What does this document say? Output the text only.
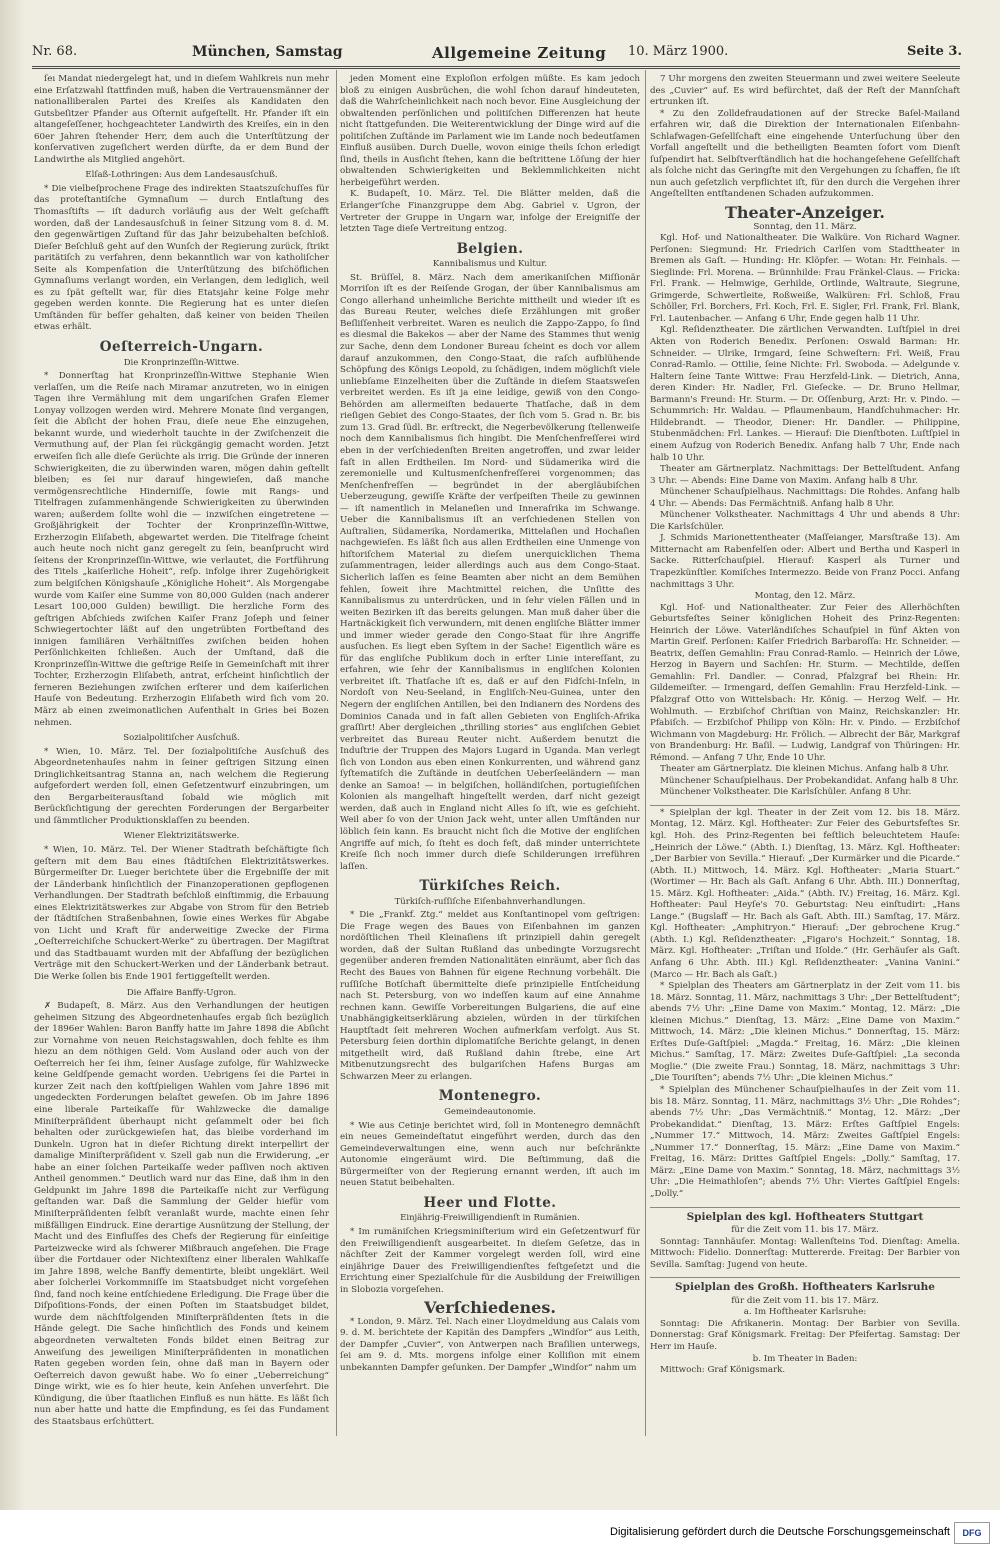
Nr. 68.	München, Samstag	Allgemeine Zeitung 10. März 1900.	Seite 3.

ſeı Mandat niedergelegt hat, und in dieſem Wahlkreis nun mehr eine Erſatzwahl ſtattfinden muß, haben die Vertrauensmänner der nationalliberalen Partei des Kreiſes als Kandidaten den Gutsbeſitzer Pfander aus Oſternit aufgeſtellt. Hr. Pfander iſt ein altangeſeſſener, hochgeachteter Landwirth des Kreiſes, ein in den 60er Jahren ſtehender Herr, dem auch die Unterſtützung der konſervativen zugeſichert werden dürfte, da er dem Bund der Landwirthe als Mitglied angehört.

Elſaß-Lothringen: Aus dem Landesausſchuß.

* Die vielbeſprochene Frage des indirekten Staatszuſchuſſes für das proteſtantiſche Gymnaſium — durch Entlaſtung des Thomasſtifts — iſt dadurch vorläufig aus der Welt geſchafft worden, daß der Landesausſchuß in ſeiner Sitzung vom 8. d. M. den gegenwärtigen Zuſtand für das Jahr beizubehalten beſchloß. Dieſer Beſchluß geht auf den Wunſch der Regierung zurück, ſtrikt paritätiſch zu verfahren, denn bekanntlich war von katholiſcher Seite als Kompenſation die Unterſtützung des biſchöflichen Gymnaſiums verlangt worden, ein Verlangen, dem lediglich, weil es zu ſpät geſtellt war, für dies Etatsjahr keine Folge mehr gegeben werden konnte. Die Regierung hat es unter dieſen Umſtänden für beſſer gehalten, daß keiner von beiden Theilen etwas erhält.

Oeſterreich-Ungarn.

Die Kronprinzeſſin-Wittwe.

* Donnerſtag hat Kronprinzeſſin-Wittwe Stephanie Wien verlaſſen, um die Reiſe nach Miramar anzutreten, wo in einigen Tagen ihre Vermählung mit dem ungariſchen Grafen Elemer Lonyay vollzogen werden wird. Mehrere Monate ſind vergangen, ſeit die Abſicht der hohen Frau, dieſe neue Ehe einzugehen, bekannt wurde, und wiederholt tauchte in der Zwiſchenzeit die Vermuthung auf, der Plan ſei rückgängig gemacht worden. Jetzt erweiſen ſich alle dieſe Gerüchte als irrig. Die Gründe der inneren Schwierigkeiten, die zu überwinden waren, mögen dahin geſtellt bleiben; es ſei nur darauf hingewieſen, daß manche vermögensrechtliche Hinderniſſe, ſowie mit Rangs- und Titelfragen zuſammenhängende Schwierigkeiten zu überwinden waren; außerdem ſollte wohl die — inzwiſchen eingetretene — Großjährigkeit der Tochter der Kronprinzeſſin-Wittwe, Erzherzogin Eliſabeth, abgewartet werden. Die Titelfrage ſcheint auch heute noch nicht ganz geregelt zu ſein, beanſprucht wird ſeitens der Kronprinzeſſin-Wittwe, wie verlautet, die Fortführung des Titels „kaiſerliche Hoheit“, reſp. infolge ihrer Zugehörigkeit zum belgiſchen Königshauſe „Königliche Hoheit“. Als Morgengabe wurde vom Kaiſer eine Summe von 80,000 Gulden (nach anderer Lesart 100,000 Gulden) bewilligt. Die herzliche Form des geſtrigen Abſchieds zwiſchen Kaiſer Franz Joſeph und ſeiner Schwiegertochter läßt auf den ungetrübten Fortbeſtand des innigen familiären Verhältniſſes zwiſchen beiden hohen Perſönlichkeiten ſchließen. Auch der Umſtand, daß die Kronprinzeſſin-Wittwe die geſtrige Reiſe in Gemeinſchaft mit ihrer Tochter, Erzherzogin Eliſabeth, antrat, erſcheint hinſichtlich der ferneren Beziehungen zwiſchen erſterer und dem kaiſerlichen Hauſe von Bedeutung. Erzherzogin Eliſabeth wird ſich vom 20. März ab einen zweimonatlichen Aufenthalt in Gries bei Bozen nehmen.

Sozialpolitiſcher Ausſchuß.

* Wien, 10. März. Tel. Der ſozialpolitiſche Ausſchuß des Abgeordnetenhauſes nahm in ſeiner geſtrigen Sitzung einen Dringlichkeitsantrag Stanna an, nach welchem die Regierung aufgefordert werden ſoll, einen Geſetzentwurf einzubringen, um den Bergarbeiterausſtand ſobald wie möglich mit Berückſichtigung der gerechten Forderungen der Bergarbeiter und ſämmtlicher Produktionsklaſſen zu beenden.

Wiener Elektrizitätswerke.

* Wien, 10. März. Tel. Der Wiener Stadtrath beſchäftigte ſich geſtern mit dem Bau eines ſtädtiſchen Elektrizitätswerkes. Bürgermeiſter Dr. Lueger berichtete über die Ergebniſſe der mit der Länderbank hinſichtlich der Finanzoperationen gepflogenen Verhandlungen. Der Stadtrath beſchloß einſtimmig, die Erbauung eines Elektrizitätswerkes zur Abgabe von Strom für den Betrieb der ſtädtiſchen Straßenbahnen, ſowie eines Werkes für Abgabe von Licht und Kraft für anderweitige Zwecke der Firma „Oeſterreichiſche Schuckert-Werke“ zu übertragen. Der Magiſtrat und das Stadtbauamt wurden mit der Abfaſſung der bezüglichen Verträge mit den Schuckert-Werken und der Länderbank betraut. Die Werke ſollen bis Ende 1901 fertiggeſtellt werden.

Die Affaire Banffy-Ugron.

✗ Budapeſt, 8. März. Aus den Verhandlungen der heutigen geheimen Sitzung des Abgeordnetenhauſes ergab ſich bezüglich der 1896er Wahlen: Baron Banffy hatte im Jahre 1898 die Abſicht zur Vornahme von neuen Reichstagswahlen, doch fehlte es ihm hiezu an dem nöthigen Geld. Vom Ausland oder auch von der Oeſterreich her ſei ihm, ſeiner Ausſage zufolge, für Wahlzwecke keine Geldſpende gemacht worden. Uebrigens ſei die Partei in kurzer Zeit nach den koſtſpieligen Wahlen vom Jahre 1896 mit ungedeckten Forderungen belaſtet geweſen. Ob im Jahre 1896 eine liberale Parteikaſſe für Wahlzwecke die damalige Miniſterpräſident überhaupt nicht geſammelt oder bei ſich behalten oder zurückgewieſen hat, das bleibe vorderhand im Dunkeln. Ugron hat in dieſer Richtung direkt interpellirt der damalige Miniſterpräſident v. Szell gab nun die Erwiderung, „er habe an einer ſolchen Parteikaſſe weder paſſiven noch aktiven Antheil genommen.“ Deutlich ward nur das Eine, daß ihm in den Geldpunkt im Jahre 1898 die Parteikaſſe nicht zur Verfügung geſtanden war. Daß die Sammlung der Gelder hiefür vom Miniſterpräſidenten ſelbſt veranlaßt wurde, machte einen ſehr mißfälligen Eindruck. Eine derartige Ausnützung der Stellung, der Macht und des Einfluſſes des Chefs der Regierung für einſeitige Parteizwecke wird als ſchwerer Mißbrauch angeſehen. Die Frage über die Fortdauer oder Nichtexiſtenz einer liberalen Wahlkaſſe im Jahre 1898, welche Banffy dementirte, bleibt ungeklärt. Weil aber ſolcherlei Vorkommniſſe im Staatsbudget nicht vorgeſehen ſind, fand noch keine entſchiedene Erledigung. Die Frage über die Diſpoſitions-Fonds, der einen Poſten im Staatsbudget bildet, wurde dem nächſtfolgenden Miniſterpräſidenten ſtets in die Hände gelegt. Die Sache hinſichtlich des Fonds und keinem abgeordneten verwalteten Fonds bildet einen Beitrag zur Anweiſung des jeweiligen Miniſterpräſidenten in monatlichen Raten gegeben worden ſein, ohne daß man in Bayern oder Oeſterreich davon gewußt habe. Wo ſo einer „Ueberreichung“ Dinge wirkt, wie es ſo hier heute, kein Anſehen unverſehrt. Die Kündigung, die über ſtaatlichen Einfluß es nun hätte. Es läßt ſich nun aber hatte und hatte die Empfindung, es ſei das Fundament des Staatsbaus erſchüttert.

jeden Moment eine Exploſion erfolgen müßte. Es kam jedoch bloß zu einigen Ausbrüchen, die wohl ſchon darauf hindeuteten, daß die Wahrſcheinlichkeit nach noch bevor. Eine Ausgleichung der obwaltenden perſönlichen und politiſchen Differenzen hat heute nicht ſtattgefunden. Die Weiterentwicklung der Dinge wird auf die politiſchen Zuſtände im Parlament wie im Lande noch bedeutſamen Einfluß ausüben. Durch Duelle, wovon einige theils ſchon erledigt ſind, theils in Ausſicht ſtehen, kann die beſtrittene Löſung der hier obwaltenden Schwierigkeiten und Beklemmlichkeiten nicht herbeigeführt werden.

K. Budapeſt, 10. März. Tel. Die Blätter melden, daß die Erlanger'ſche Finanzgruppe dem Abg. Gabriel v. Ugron, der Vertreter der Gruppe in Ungarn war, infolge der Ereigniſſe der letzten Tage dieſe Vertreitung entzog.

Belgien.

Kannibalismus und Kultur.

St. Brüſſel, 8. März. Nach dem amerikaniſchen Miſſionär Morriſon iſt es der Reiſende Grogan, der über Kannibalismus am Congo allerhand unheimliche Berichte mittheilt und wieder iſt es das Bureau Reuter, welches dieſe Erzählungen mit großer Beſliſſenheit verbreitet. Waren es neulich die Zappo-Zappo, ſo ſind es diesmal die Bakekos — aber der Name des Stammes thut wenig zur Sache, denn dem Londoner Bureau ſcheint es doch vor allem darauf anzukommen, den Congo-Staat, die raſch aufblühende Schöpfung des Königs Leopold, zu ſchädigen, indem möglichſt viele unliebſame Einzelheiten über die Zuſtände in dieſem Staatsweſen verbreitet werden. Es iſt ja eine leidige, gewiß von den Congo-Behörden am allermeiſten bedauerte Thatſache, daß in dem rieſigen Gebiet des Congo-Staates, der ſich vom 5. Grad n. Br. bis zum 13. Grad ſüdl. Br. erſtreckt, die Negerbevölkerung ſtellenweiſe noch dem Kannibalismus ſich hingibt. Die Menſchenfreſſerei wird eben in der verſchiedenſten Breiten angetroffen, und zwar leider faſt in allen Erdtheilen. Im Nord- und Südamerika wird die zeremonielle und Kultusmenſchenfreſſerei vorgenommen; das Menſchenfreſſen — begründet in der abergläubiſchen Ueberzeugung, gewiſſe Kräfte der verſpeiſten Theile zu gewinnen — iſt namentlich in Melaneſien und Inneraſrika im Schwange. Ueber die Kannibalismus iſt an verſchiedenen Stellen von Auſtralien, Südamerika, Nordamerika, Mittelaſien und Hochaſien nachgewieſen. Es läßt ſich aus allen Erdtheilen eine Unmenge von hiſtoriſchem Material zu dieſem unerquicklichen Thema zuſammentragen, leider allerdings auch aus dem Congo-Staat. Sicherlich laſſen es ſeine Beamten aber nicht an dem Bemühen fehlen, ſoweit ihre Machtmittel reichen, die Unſitte des Kannibalismus zu unterdrücken, und in ſehr vielen Fällen und in weiten Bezirken iſt das bereits gelungen. Man muß daher über die Hartnäckigkeit ſich verwundern, mit denen engliſche Blätter immer und immer wieder gerade den Congo-Staat für ihre Angriffe ausſuchen. Es liegt eben Syſtem in der Sache! Eigentlich wäre es für das engliſche Publikum doch in erſter Linie intereſſant, zu erfahren, wie ſehr der Kannibalismus in engliſchen Kolonien verbreitet iſt. Thatſache iſt es, daß er auf den Fidſchi-Inſeln, in Nordoſt von Neu-Seeland, in Engliſch-Neu-Guinea, unter den Negern der engliſchen Antillen, bei den Indianern des Nordens des Dominios Canada und in faſt allen Gebieten von Engliſch-Afrika graſſirt! Aber dergleichen „thrilling stories“ aus engliſchen Gebiet verbreitet das Bureau Reuter nicht. Außerdem benutzt die Induſtrie der Truppen des Majors Lugard in Uganda. Man verlegt ſich von London aus eben einen Konkurrenten, und während ganz ſyſtematiſch die Zuſtände in deutſchen Ueberſeeländern — man denke an Samoa! — in belgiſchen, holländiſchen, portugieſiſchen Kolonien als mangelhaft hingeſtellt werden, darf nicht gezeigt werden, daß auch in England nicht Alles ſo iſt, wie es geſchieht. Weil aber ſo von der Union Jack weht, unter allen Umſtänden nur löblich ſein kann. Es braucht nicht ſich die Motive der engliſchen Angriffe auf mich, ſo ſteht es doch feſt, daß minder unterrichtete Kreiſe ſich noch immer durch dieſe Schilderungen irreführen laſſen.

Türkiſches Reich.

Türkiſch-ruſſiſche Eiſenbahnverhandlungen.

* Die „Frankf. Ztg.“ meldet aus Konſtantinopel vom geſtrigen: Die Frage wegen des Baues von Eiſenbahnen im ganzen nordöſtlichen Theil Kleinaſiens iſt prinzipiell dahin geregelt worden, daß der Sultan Rußland das unbedingte Vorzugsrecht gegenüber anderen fremden Nationalitäten einräumt, aber ſich das Recht des Baues von Bahnen für eigene Rechnung vorbehält. Die ruſſiſche Botſchaft übermittelte dieſe prinzipielle Entſcheidung nach St. Petersburg, von wo indeſſen kaum auf eine Annahme rechnen kann. Gewiſſe Vorbereitungen Bulgariens, die auf eine Unabhängigkeitserklärung abzielen, würden in der türkiſchen Hauptſtadt ſeit mehreren Wochen aufmerkſam verfolgt. Aus St. Petersburg ſeien dorthin diplomatiſche Berichte gelangt, in denen mitgetheilt wird, daß Rußland dahin ſtrebe, eine Art Mitbenutzungsrecht des bulgariſchen Hafens Burgas am Schwarzen Meer zu erlangen.

Montenegro.

Gemeindeautonomie.

* Wie aus Cetinje berichtet wird, ſoll in Montenegro demnächſt ein neues Gemeindeſtatut eingeführt werden, durch das den Gemeindeverwaltungen eine, wenn auch nur beſchränkte Autonomie eingeräumt wird. Die Beſtimmung, daß die Bürgermeiſter von der Regierung ernannt werden, iſt auch im neuen Statut beibehalten.

Heer und Flotte.

Einjährig-Freiwilligendienſt in Rumänien.

* Im rumäniſchen Kriegsminiſterium wird ein Geſetzentwurf für den Freiwilligendienſt ausgearbeitet. In dieſem Geſetze, das in nächſter Zeit der Kammer vorgelegt werden ſoll, wird eine einjährige Dauer des Freiwilligendienſtes feſtgeſetzt und die Errichtung einer Spezialſchule für die Ausbildung der Freiwilligen in Slobozia vorgeſehen.

Verſchiedenes.

* London, 9. März. Tel. Nach einer Lloydmeldung aus Calais vom 9. d. M. berichtete der Kapitän des Dampfers „Windſor“ aus Leith, der Dampfer „Cuvier“, von Antwerpen nach Braſilien unterwegs, ſei am 9. d. Mts. morgens infolge einer Kolliſion mit einem unbekannten Dampfer geſunken. Der Dampfer „Windſor“ nahm um

7 Uhr morgens den zweiten Steuermann und zwei weitere Seeleute des „Cuvier“ auf. Es wird befürchtet, daß der Reſt der Mannſchaft ertrunken iſt.

* Zu den Zolldefraudationen auf der Strecke Baſel-Mailand erfahren wir, daß die Direktion der Internationalen Eiſenbahn-Schlafwagen-Geſellſchaft eine eingehende Unterſuchung über den Vorfall angeſtellt und die betheiligten Beamten ſofort vom Dienſt ſuſpendirt hat. Selbſtverſtändlich hat die hochangeſehene Geſellſchaft als ſolche nicht das Geringſte mit den Vergehungen zu ſchaffen, ſie iſt nun auch geſetzlich verpflichtet iſt, für den durch die Vergehen ihrer Angeſtellten entſtandenen Schaden aufzukommen.

Theater-Anzeiger.

Sonntag, den 11. März.

Kgl. Hof- und Nationaltheater. Die Walküre. Von Richard Wagner. Perſonen: Siegmund: Hr. Friedrich Carlſen vom Stadttheater in Bremen als Gaſt. — Hunding: Hr. Klöpfer. — Wotan: Hr. Feinhals. — Sieglinde: Frl. Morena. — Brünnhilde: Frau Fränkel-Claus. — Fricka: Frl. Frank. — Helmwige, Gerhilde, Ortlinde, Waltraute, Siegrune, Grimgerde, Schwertleite, Roßweiße, Walküren: Frl. Schloß, Frau Schöller, Frl. Borchers, Frl. Koch, Frl. E. Sigler, Frl. Frank, Frl. Blank, Frl. Lautenbacher. — Anfang 6 Uhr, Ende gegen halb 11 Uhr.

Kgl. Reſidenztheater. Die zärtlichen Verwandten. Luſtſpiel in drei Akten von Roderich Benedix. Perſonen: Oswald Barman: Hr. Schneider. — Ulrike, Irmgard, ſeine Schweſtern: Frl. Weiß, Frau Conrad-Ramlo. — Ottilie, ſeine Nichte: Frl. Swoboda. — Adelgunde v. Haltern ſeine Tante Wittwe: Frau Herzfeld-Link. — Dietrich, Anna, deren Kinder: Hr. Nadler, Frl. Gieſecke. — Dr. Bruno Hellmar, Barmann's Freund: Hr. Sturm. — Dr. Oſſenburg, Arzt: Hr. v. Pindo. — Schummrich: Hr. Waldau. — Pflaumenbaum, Handſchuhmacher: Hr. Hildebrandt. — Theodor, Diener: Hr. Dandler. — Philippine, Stubenmädchen: Frl. Lankes. — Hierauf: Die Dienſtboten. Luſtſpiel in einem Aufzug von Roderich Benedix. Anfang halb 7 Uhr, Ende nach halb 10 Uhr.

Theater am Gärtnerplatz. Nachmittags: Der Bettelſtudent. Anfang 3 Uhr. — Abends: Eine Dame von Maxim. Anfang halb 8 Uhr.

Münchener Schauſpielhaus. Nachmittags: Die Rohdes. Anfang halb 4 Uhr. — Abends: Das Fermächtniß. Anfang halb 8 Uhr.

Münchener Volkstheater. Nachmittags 4 Uhr und abends 8 Uhr: Die Karlsſchüler.

J. Schmids Marionettentheater (Maſſeianger, Marsſtraße 13). Am Mitternacht am Rabenfelſen oder: Albert und Bertha und Kasperl in Sacke. Ritterſchauſpiel. Hierauf: Kasperl als Turner und Trapezkünſtler. Komiſches Intermezzo. Beide von Franz Pocci. Anfang nachmittags 3 Uhr.

Montag, den 12. März.

Kgl. Hof- und Nationaltheater. Zur Feier des Allerhöchſten Geburtsfeſtes Seiner königlichen Hoheit des Prinz-Regenten: Heinrich der Löwe. Vaterländiſches Schauſpiel in fünf Akten von Martin Greif. Perſonen: Kaiſer Friedrich Barbaroſſa: Hr. Schneider. — Beatrix, deſſen Gemahlin: Frau Conrad-Ramlo. — Heinrich der Löwe, Herzog in Bayern und Sachſen: Hr. Sturm. — Mechtilde, deſſen Gemahlin: Frl. Dandler. — Conrad, Pfalzgraf bei Rhein: Hr. Gildemeiſter. — Irmengard, deſſen Gemahlin: Frau Herzfeld-Link. — Pfalzgraf Otto von Wittelsbach: Hr. König. — Herzog Welf. — Hr. Wohlmuth. — Erzbiſchof Chriſtian von Mainz, Reichskanzler: Hr. Pfabiſch. — Erzbiſchof Philipp von Köln: Hr. v. Pindo. — Erzbiſchof Wichmann von Magdeburg: Hr. Frölich. — Albrecht der Bär, Markgraf von Brandenburg: Hr. Baſil. — Ludwig, Landgraf von Thüringen: Hr. Rémond. — Anfang 7 Uhr, Ende 10 Uhr.

Theater am Gärtnerplatz. Die kleinen Michus. Anfang halb 8 Uhr.

Münchener Schauſpielhaus. Der Probekandidat. Anfang halb 8 Uhr.

Münchener Volkstheater. Die Karlsſchüler. Anfang 8 Uhr.

* Spielplan der kgl. Theater in der Zeit vom 12. bis 18. März. Montag, 12. März. Kgl. Hoftheater: Zur Feier des Geburtsfeſtes Sr. kgl. Hoh. des Prinz-Regenten bei feſtlich beleuchtetem Hauſe: „Heinrich der Löwe.“ (Abth. I.) Dienſtag, 13. März. Kgl. Hoftheater: „Der Barbier von Sevilla.“ Hierauf: „Der Kurmärker und die Picarde.“ (Abth. II.) Mittwoch, 14. März. Kgl. Hoftheater: „Maria Stuart.“ (Wortimer — Hr. Bach als Gaſt. Anfang 6 Uhr. Abth. III.) Donnerſtag, 15. März. Kgl. Hoftheater: „Aida.“ (Abth. IV.) Freitag, 16. März. Kgl. Hoftheater: Paul Heyſe's 70. Geburtstag: Neu einſtudirt: „Hans Lange.“ (Bugslaff — Hr. Bach als Gaſt. Abth. III.) Samſtag, 17. März. Kgl. Hoftheater: „Amphitryon.“ Hierauf: „Der gebrochene Krug.“ (Abth. I.) Kgl. Reſidenztheater: „Figaro's Hochzeit.“ Sonntag, 18. März. Kgl. Hoftheater: „Triſtan und Iſolde.“ (Hr. Gerhäuſer als Gaſt. Anfang 6 Uhr. Abth. III.) Kgl. Reſidenztheater: „Vanina Vanini.“ (Marco — Hr. Bach als Gaſt.)

* Spielplan des Theaters am Gärtnerplatz in der Zeit vom 11. bis 18. März. Sonntag, 11. März, nachmittags 3 Uhr: „Der Bettelſtudent“; abends 7½ Uhr: „Eine Dame von Maxim.“ Montag, 12. März: „Die kleinen Michus.“ Dienſtag, 13. März: „Eine Dame von Maxim.“ Mittwoch, 14. März: „Die kleinen Michus.“ Donnerſtag, 15. März: Erſtes Duſe-Gaſtſpiel: „Magda.“ Freitag, 16. März: „Die kleinen Michus.“ Samſtag, 17. März: Zweites Duſe-Gaſtſpiel: „La seconda Moglie.“ (Die zweite Frau.) Sonntag, 18. März, nachmittags 3 Uhr: „Die Touriſten“; abends 7½ Uhr: „Die kleinen Michus.“

* Spielplan des Münchener Schauſpielhauſes in der Zeit vom 11. bis 18. März. Sonntag, 11. März, nachmittags 3½ Uhr: „Die Rohdes“; abends 7½ Uhr: „Das Vermächtniß.“ Montag, 12. März: „Der Probekandidat.“ Dienſtag, 13. März: Erſtes Gaſtſpiel Engels: „Nummer 17.“ Mittwoch, 14. März: Zweites Gaſtſpiel Engels: „Nummer 17.“ Donnerſtag, 15. März: „Eine Dame von Maxim.“ Freitag, 16. März: Drittes Gaſtſpiel Engels: „Dolly.“ Samſtag, 17. März: „Eine Dame von Maxim.“ Sonntag, 18. März, nachmittags 3½ Uhr: „Die Heimathloſen“; abends 7½ Uhr: Viertes Gaſtſpiel Engels: „Dolly.“

Spielplan des kgl. Hoftheaters Stuttgart

für die Zeit vom 11. bis 17. März.

Sonntag: Tannhäuſer. Montag: Wallenſteins Tod. Dienſtag: Amelia. Mittwoch: Fidelio. Donnerſtag: Muttererde. Freitag: Der Barbier von Sevilla. Samſtag: Jugend von heute.

Spielplan des Großh. Hoftheaters Karlsruhe

für die Zeit vom 11. bis 17. März.

a. Im Hoftheater Karlsruhe:

Sonntag: Die Afrikanerin. Montag: Der Barbier von Sevilla. Donnerstag: Graf Königsmark. Freitag: Der Pfeifertag. Samstag: Der Herr im Hauſe.

b. Im Theater in Baden:

Mittwoch: Graf Königsmark.

Digitalisierung gefördert durch die Deutsche Forschungsgemeinschaft	DFG
